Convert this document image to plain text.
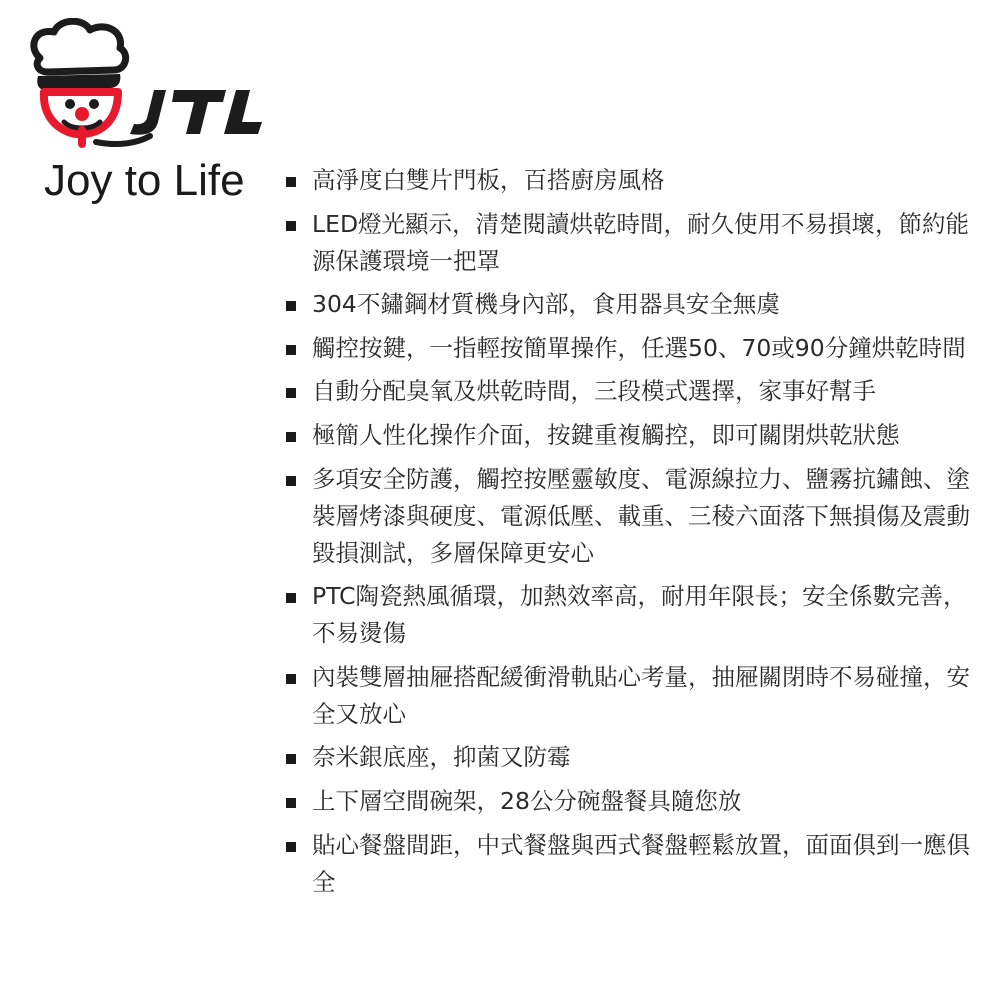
Joy to Life	高淨度白雙片門板，百搭廚房風格
LED燈光顯示，清楚閱讀烘乾時間，耐久使用不易損壞，節約能源保護環境一把罩
304不鏽鋼材質機身內部，食用器具安全無虞
觸控按鍵，一指輕按簡單操作，任選50、70或90分鐘烘乾時間
自動分配臭氧及烘乾時間，三段模式選擇，家事好幫手
極簡人性化操作介面，按鍵重複觸控，即可關閉烘乾狀態
多項安全防護，觸控按壓靈敏度、電源線拉力、鹽霧抗鏽蝕、塗裝層烤漆與硬度、電源低壓、載重、三稜六面落下無損傷及震動毀損測試，多層保障更安心
PTC陶瓷熱風循環，加熱效率高，耐用年限長；安全係數完善，不易燙傷
內裝雙層抽屜搭配緩衝滑軌貼心考量，抽屜關閉時不易碰撞，安全又放心
奈米銀底座，抑菌又防霉
上下層空間碗架，28公分碗盤餐具隨您放
貼心餐盤間距，中式餐盤與西式餐盤輕鬆放置，面面俱到一應俱全
